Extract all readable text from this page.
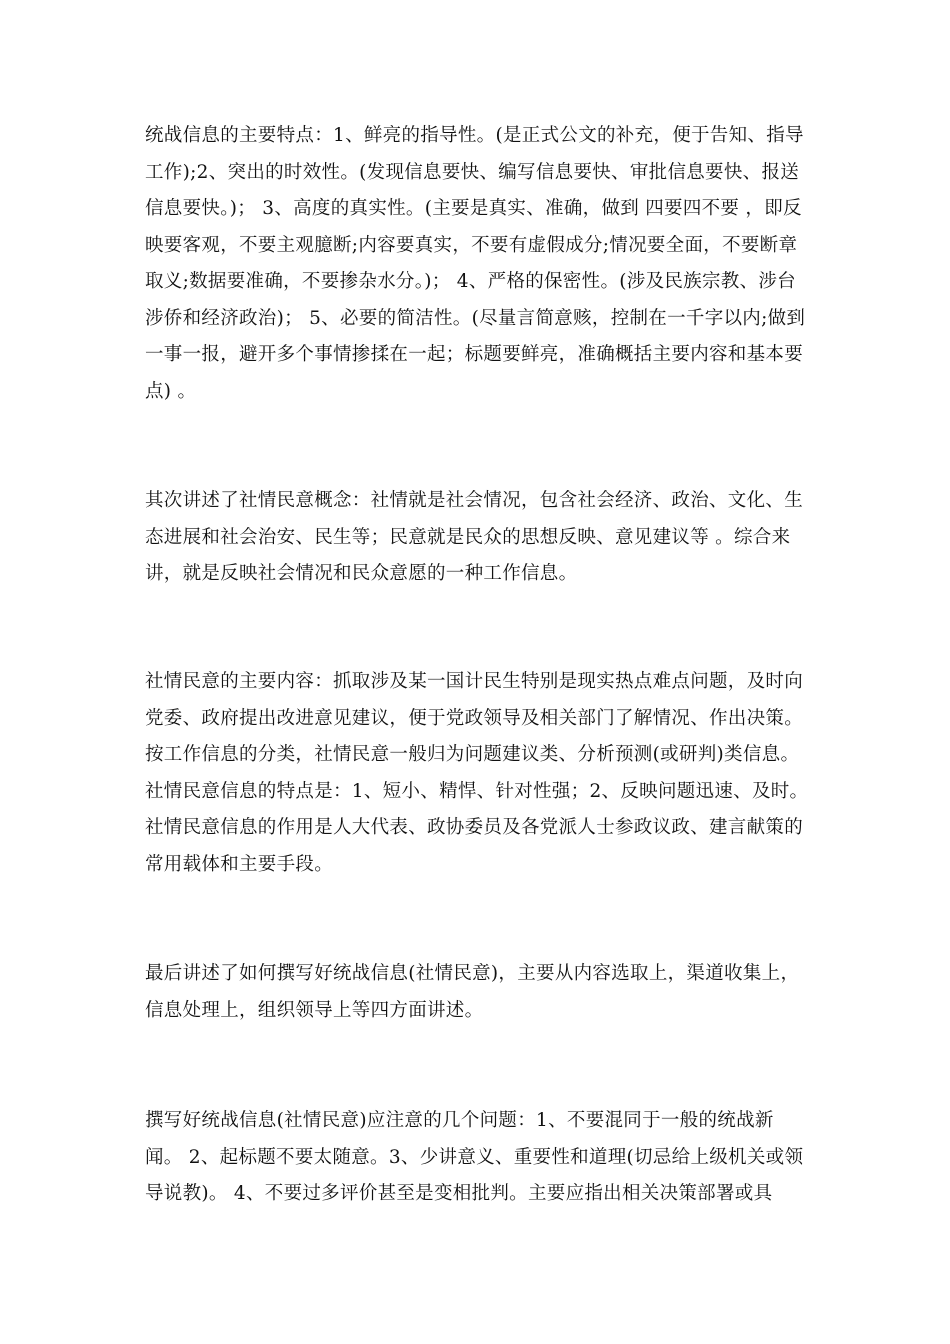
统战信息的主要特点：1、鲜亮的指导性。(是正式公文的补充，便于告知、指导工作);2、突出的时效性。(发现信息要快、编写信息要快、审批信息要快、报送信息要快。)； 3、高度的真实性。(主要是真实、准确，做到 四要四不要 ，即反映要客观，不要主观臆断;内容要真实，不要有虚假成分;情况要全面，不要断章取义;数据要准确，不要掺杂水分。)； 4、严格的保密性。(涉及民族宗教、涉台涉侨和经济政治)； 5、必要的简洁性。(尽量言简意赅，控制在一千字以内;做到一事一报，避开多个事情掺揉在一起；标题要鲜亮，准确概括主要内容和基本要点) 。

其次讲述了社情民意概念：社情就是社会情况，包含社会经济、政治、文化、生态进展和社会治安、民生等；民意就是民众的思想反映、意见建议等 。综合来讲，就是反映社会情况和民众意愿的一种工作信息。

社情民意的主要内容：抓取涉及某一国计民生特别是现实热点难点问题，及时向党委、政府提出改进意见建议，便于党政领导及相关部门了解情况、作出决策。按工作信息的分类，社情民意一般归为问题建议类、分析预测(或研判)类信息。社情民意信息的特点是：1、短小、精悍、针对性强；2、反映问题迅速、及时。社情民意信息的作用是人大代表、政协委员及各党派人士参政议政、建言献策的常用载体和主要手段。

最后讲述了如何撰写好统战信息(社情民意)，主要从内容选取上，渠道收集上，信息处理上，组织领导上等四方面讲述。

撰写好统战信息(社情民意)应注意的几个问题：1、不要混同于一般的统战新闻。 2、起标题不要太随意。3、少讲意义、重要性和道理(切忌给上级机关或领导说教)。 4、不要过多评价甚至是变相批判。主要应指出相关决策部署或具
